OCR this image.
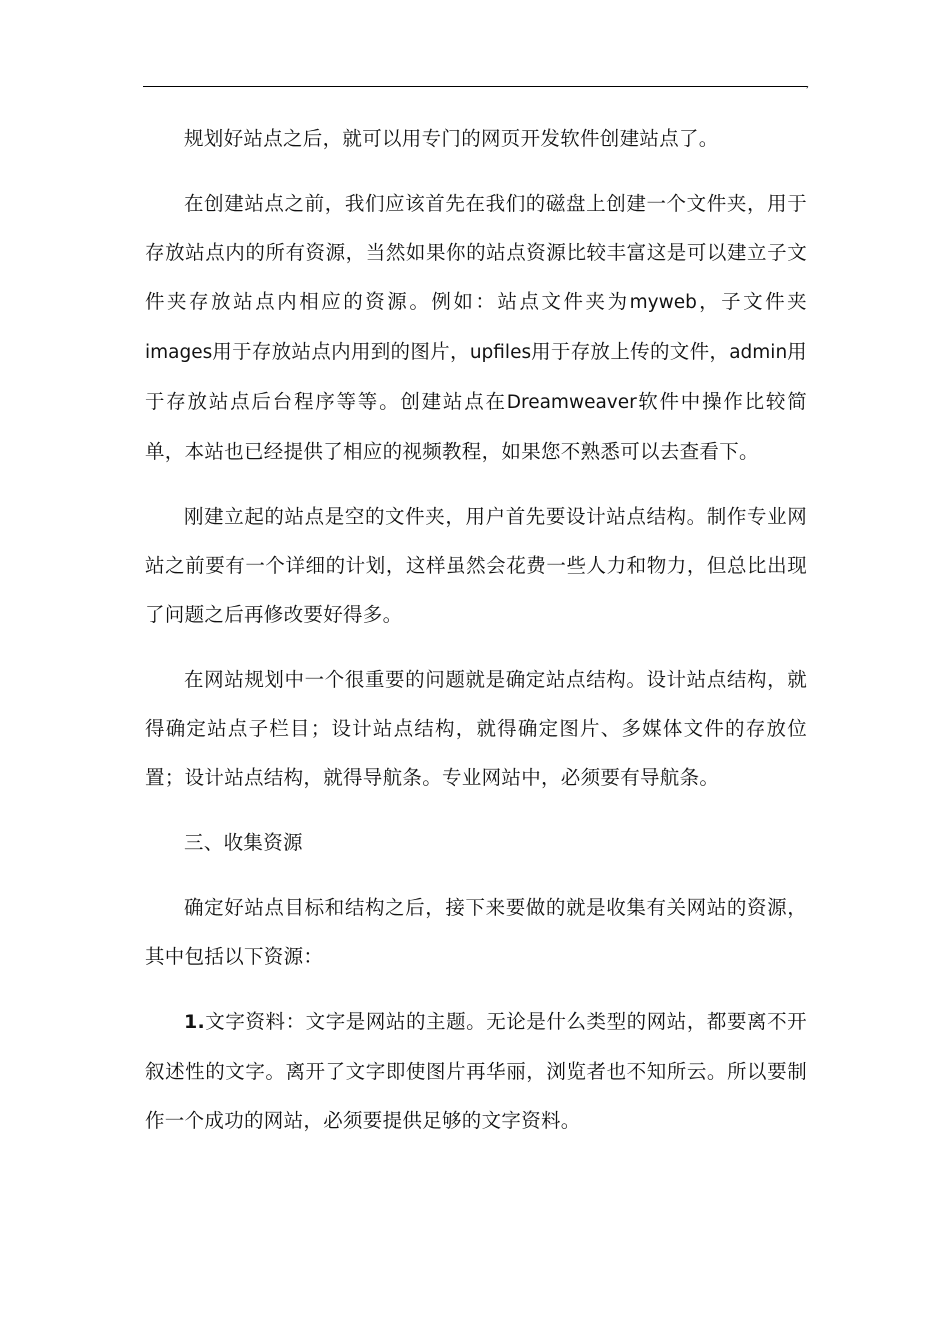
,

规划好站点之后，就可以用专门的网页开发软件创建站点了。

在创建站点之前，我们应该首先在我们的磁盘上创建一个文件夹，用于存放站点内的所有资源，当然如果你的站点资源比较丰富这是可以建立子文件夹存放站点内相应的资源。例如：站点文件夹为myweb，子文件夹images用于存放站点内用到的图片，upfiles用于存放上传的文件，admin用于存放站点后台程序等等。创建站点在Dreamweaver软件中操作比较简单，本站也已经提供了相应的视频教程，如果您不熟悉可以去查看下。

刚建立起的站点是空的文件夹，用户首先要设计站点结构。制作专业网站之前要有一个详细的计划，这样虽然会花费一些人力和物力，但总比出现了问题之后再修改要好得多。

在网站规划中一个很重要的问题就是确定站点结构。设计站点结构，就得确定站点子栏目；设计站点结构，就得确定图片、多媒体文件的存放位置；设计站点结构，就得导航条。专业网站中，必须要有导航条。

三、收集资源

确定好站点目标和结构之后，接下来要做的就是收集有关网站的资源，其中包括以下资源：

1.文字资料：文字是网站的主题。无论是什么类型的网站，都要离不开叙述性的文字。离开了文字即使图片再华丽，浏览者也不知所云。所以要制作一个成功的网站，必须要提供足够的文字资料。
